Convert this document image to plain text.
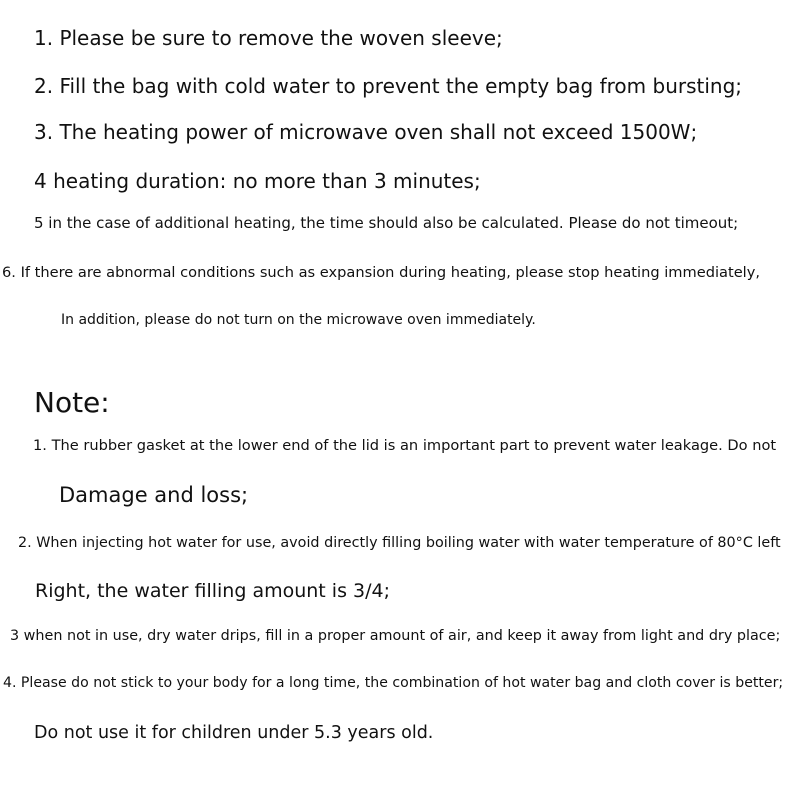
1. Please be sure to remove the woven sleeve;
2. Fill the bag with cold water to prevent the empty bag from bursting;
3. The heating power of microwave oven shall not exceed 1500W;
4 heating duration: no more than 3 minutes;
5 in the case of additional heating, the time should also be calculated. Please do not timeout;
6. If there are abnormal conditions such as expansion during heating, please stop heating immediately,
In addition, please do not turn on the microwave oven immediately.
Note:
1. The rubber gasket at the lower end of the lid is an important part to prevent water leakage. Do not
Damage and loss;
2. When injecting hot water for use, avoid directly filling boiling water with water temperature of 80°C left
Right, the water filling amount is 3/4;
3 when not in use, dry water drips, fill in a proper amount of air, and keep it away from light and dry place;
4. Please do not stick to your body for a long time, the combination of hot water bag and cloth cover is better;
Do not use it for children under 5.3 years old.
